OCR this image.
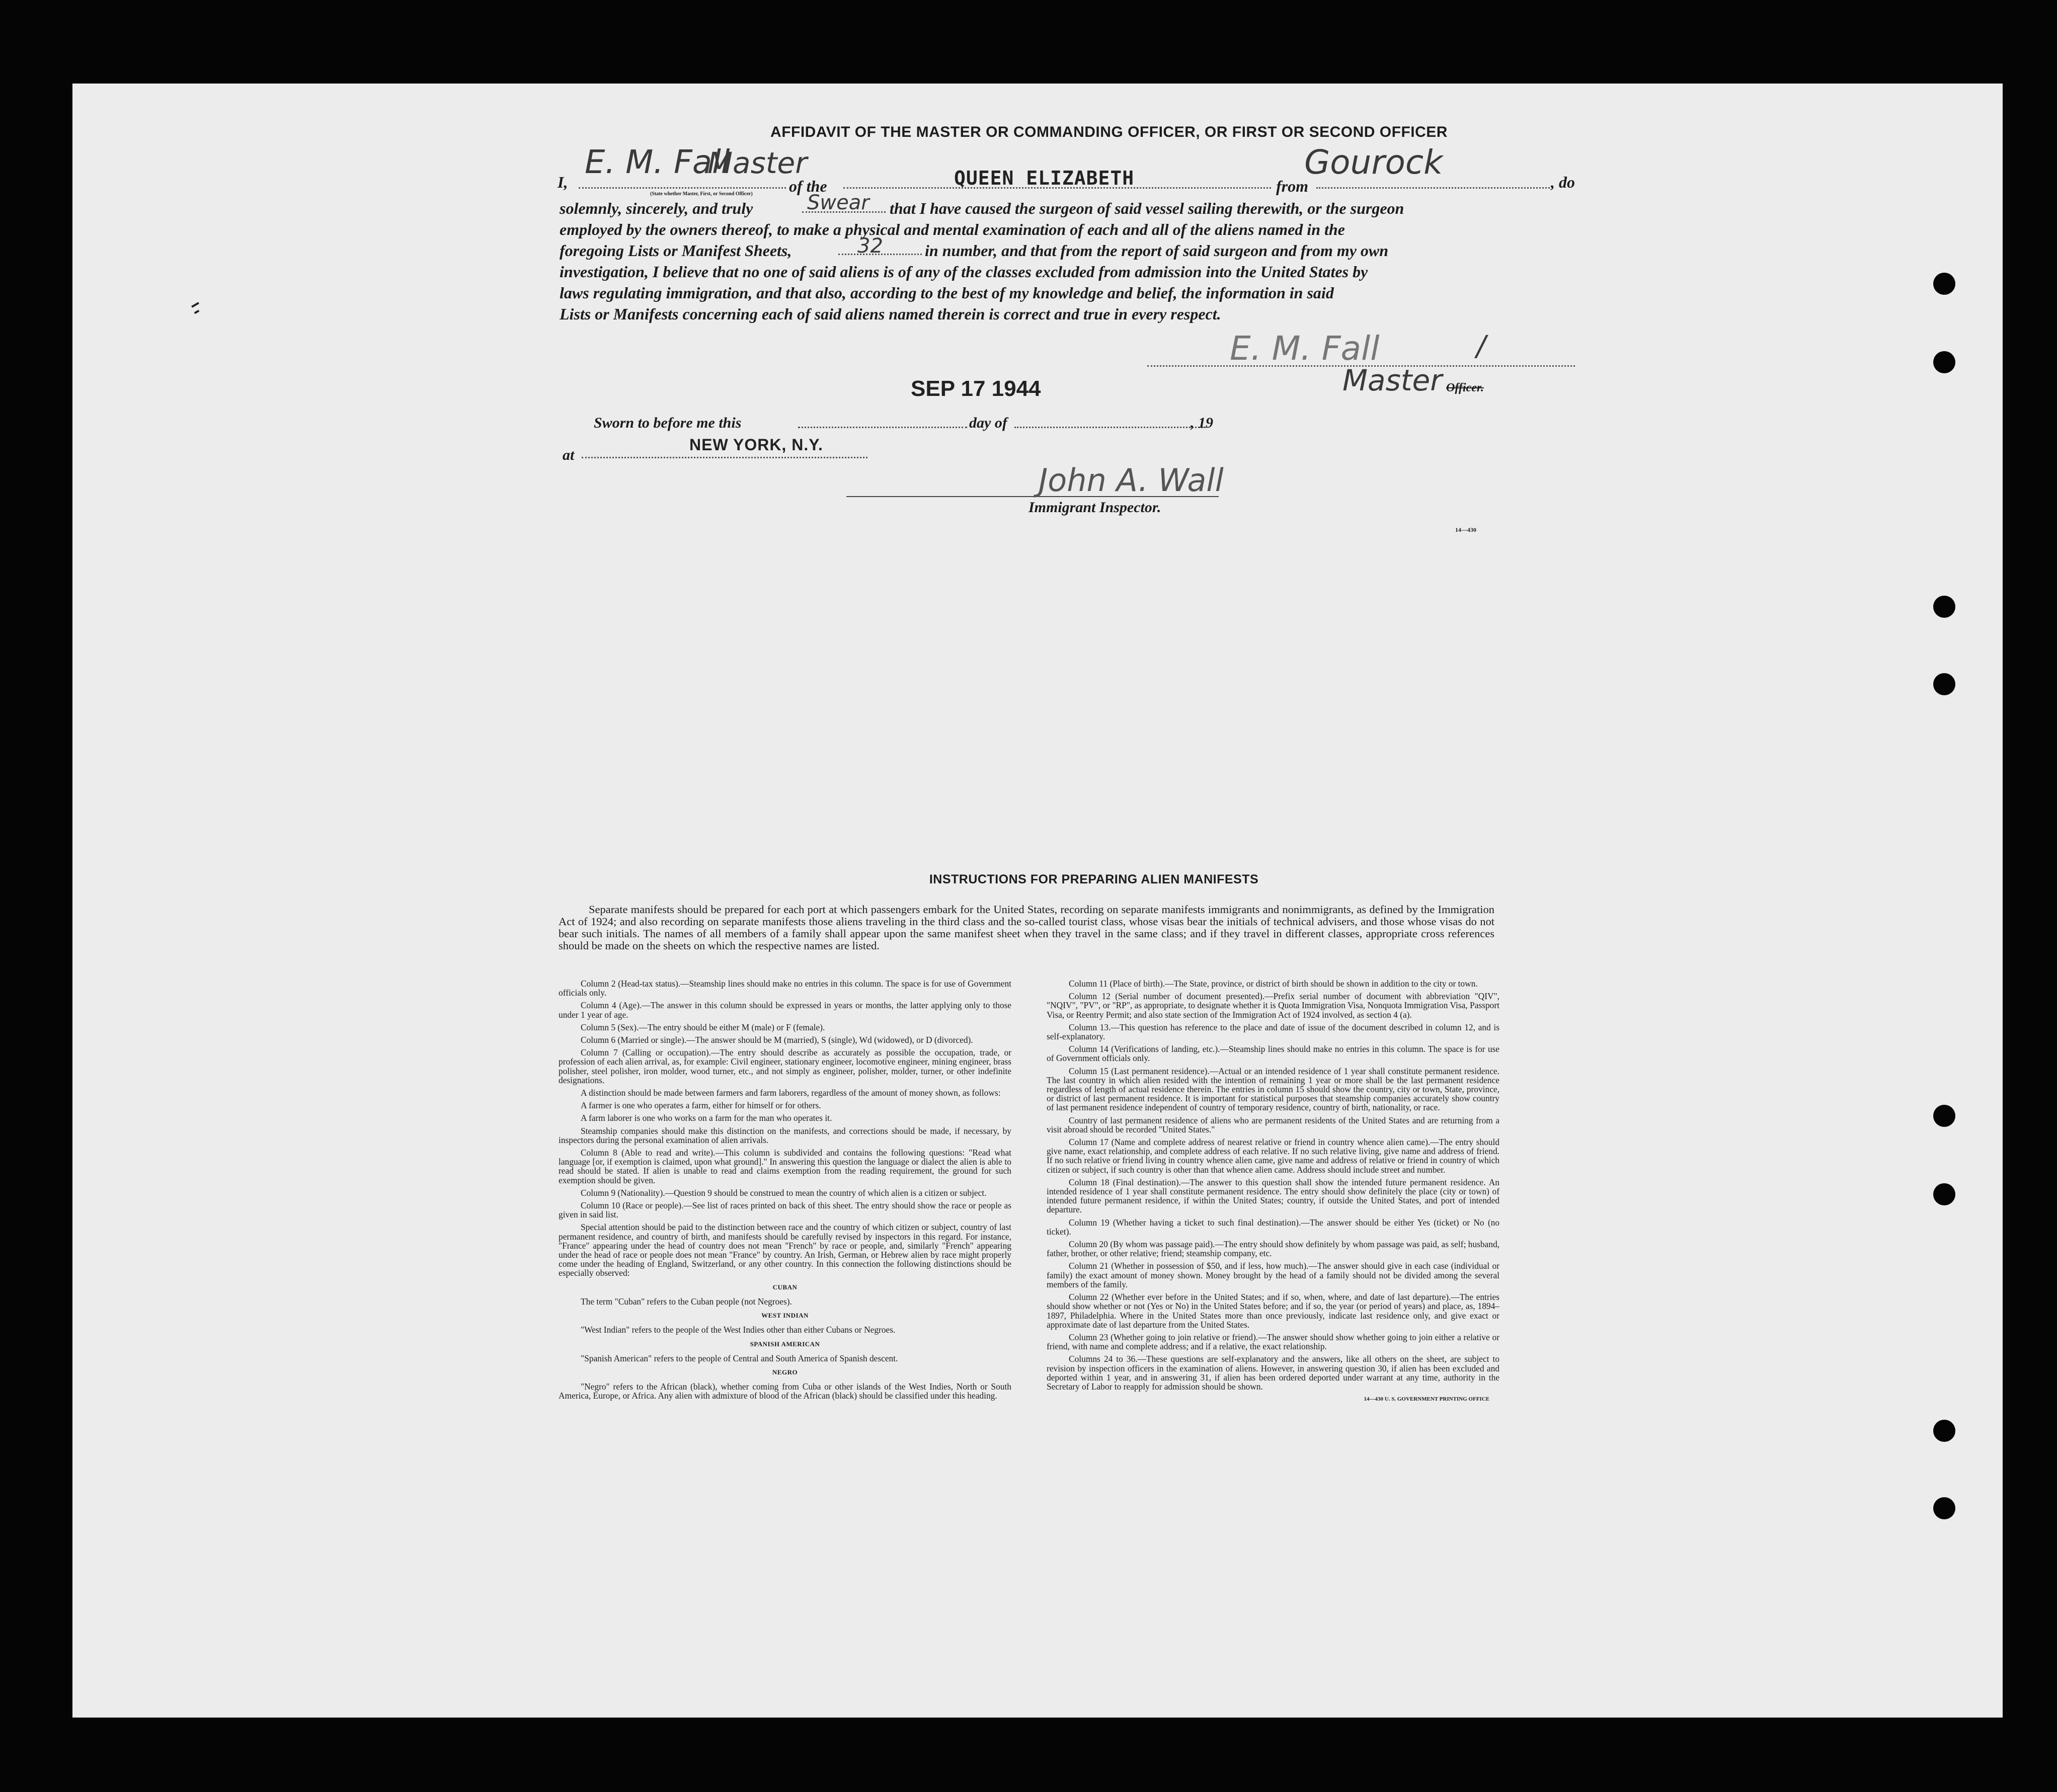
AFFIDAVIT OF THE MASTER OR COMMANDING OFFICER, OR FIRST OR SECOND OFFICER
I,
E. M. Fall
Master
(State whether Master, First, or Second Officer) of the	QUEEN ELIZABETH	from
Gourock
, do
solemnly, sincerely, and truly	Swear that I have caused the surgeon of said vessel sailing therewith, or the surgeon
employed by the owners thereof, to make a physical and mental examination of each and all of the aliens named in the
foregoing Lists or Manifest Sheets,	32	in number, and that from the report of said surgeon and from my own
investigation, I believe that no one of said aliens is of any of the classes excluded from admission into the United States by
laws regulating immigration, and that also, according to the best of my knowledge and belief, the information in said
Lists or Manifests concerning each of said aliens named therein is correct and true in every respect.
E. M. Fall	/
Master Officer.
SEP 17 1944
Sworn to before me this	day of	, 19
at
NEW YORK, N.Y.
John A. Wall
Immigrant Inspector.
14—430
INSTRUCTIONS FOR PREPARING ALIEN MANIFESTS
Separate manifests should be prepared for each port at which passengers embark for the United States, recording on separate manifests immigrants and nonimmigrants, as defined by the Immigration Act of 1924; and also recording on separate manifests those aliens traveling in the third class and the so-called tourist class, whose visas bear the initials of technical advisers, and those whose visas do not bear such initials. The names of all members of a family shall appear upon the same manifest sheet when they travel in the same class; and if they travel in different classes, appropriate cross references should be made on the sheets on which the respective names are listed.

Column 2 (Head-tax status).—Steamship lines should make no entries in this column. The space is for use of Government officials only.

Column 4 (Age).—The answer in this column should be expressed in years or months, the latter applying only to those under 1 year of age.

Column 5 (Sex).—The entry should be either M (male) or F (female).

Column 6 (Married or single).—The answer should be M (married), S (single), Wd (widowed), or D (divorced).

Column 7 (Calling or occupation).—The entry should describe as accurately as possible the occupation, trade, or profession of each alien arrival, as, for example: Civil engineer, stationary engineer, locomotive engineer, mining engineer, brass polisher, steel polisher, iron molder, wood turner, etc., and not simply as engineer, polisher, molder, turner, or other indefinite designations.

A distinction should be made between farmers and farm laborers, regardless of the amount of money shown, as follows:

A farmer is one who operates a farm, either for himself or for others.

A farm laborer is one who works on a farm for the man who operates it.

Steamship companies should make this distinction on the manifests, and corrections should be made, if necessary, by inspectors during the personal examination of alien arrivals.

Column 8 (Able to read and write).—This column is subdivided and contains the following questions: "Read what language [or, if exemption is claimed, upon what ground]." In answering this question the language or dialect the alien is able to read should be stated. If alien is unable to read and claims exemption from the reading requirement, the ground for such exemption should be given.

Column 9 (Nationality).—Question 9 should be construed to mean the country of which alien is a citizen or subject.

Column 10 (Race or people).—See list of races printed on back of this sheet. The entry should show the race or people as given in said list.

Special attention should be paid to the distinction between race and the country of which citizen or subject, country of last permanent residence, and country of birth, and manifests should be carefully revised by inspectors in this regard. For instance, "France" appearing under the head of country does not mean "French" by race or people, and, similarly "French" appearing under the head of race or people does not mean "France" by country. An Irish, German, or Hebrew alien by race might properly come under the heading of England, Switzerland, or any other country. In this connection the following distinctions should be especially observed:

CUBAN

The term "Cuban" refers to the Cuban people (not Negroes).

WEST INDIAN

"West Indian" refers to the people of the West Indies other than either Cubans or Negroes.

SPANISH AMERICAN

"Spanish American" refers to the people of Central and South America of Spanish descent.

NEGRO

"Negro" refers to the African (black), whether coming from Cuba or other islands of the West Indies, North or South America, Europe, or Africa. Any alien with admixture of blood of the African (black) should be classified under this heading.

Column 11 (Place of birth).—The State, province, or district of birth should be shown in addition to the city or town.

Column 12 (Serial number of document presented).—Prefix serial number of document with abbreviation "QIV", "NQIV", "PV", or "RP", as appropriate, to designate whether it is Quota Immigration Visa, Nonquota Immigration Visa, Passport Visa, or Reentry Permit; and also state section of the Immigration Act of 1924 involved, as section 4 (a).

Column 13.—This question has reference to the place and date of issue of the document described in column 12, and is self-explanatory.

Column 14 (Verifications of landing, etc.).—Steamship lines should make no entries in this column. The space is for use of Government officials only.

Column 15 (Last permanent residence).—Actual or an intended residence of 1 year shall constitute permanent residence. The last country in which alien resided with the intention of remaining 1 year or more shall be the last permanent residence regardless of length of actual residence therein. The entries in column 15 should show the country, city or town, State, province, or district of last permanent residence. It is important for statistical purposes that steamship companies accurately show country of last permanent residence independent of country of temporary residence, country of birth, nationality, or race.

Country of last permanent residence of aliens who are permanent residents of the United States and are returning from a visit abroad should be recorded "United States."

Column 17 (Name and complete address of nearest relative or friend in country whence alien came).—The entry should give name, exact relationship, and complete address of each relative. If no such relative living, give name and address of friend. If no such relative or friend living in country whence alien came, give name and address of relative or friend in country of which citizen or subject, if such country is other than that whence alien came. Address should include street and number.

Column 18 (Final destination).—The answer to this question shall show the intended future permanent residence. An intended residence of 1 year shall constitute permanent residence. The entry should show definitely the place (city or town) of intended future permanent residence, if within the United States; country, if outside the United States, and port of intended departure.

Column 19 (Whether having a ticket to such final destination).—The answer should be either Yes (ticket) or No (no ticket).

Column 20 (By whom was passage paid).—The entry should show definitely by whom passage was paid, as self; husband, father, brother, or other relative; friend; steamship company, etc.

Column 21 (Whether in possession of $50, and if less, how much).—The answer should give in each case (individual or family) the exact amount of money shown. Money brought by the head of a family should not be divided among the several members of the family.

Column 22 (Whether ever before in the United States; and if so, when, where, and date of last departure).—The entries should show whether or not (Yes or No) in the United States before; and if so, the year (or period of years) and place, as, 1894–1897, Philadelphia. Where in the United States more than once previously, indicate last residence only, and give exact or approximate date of last departure from the United States.

Column 23 (Whether going to join relative or friend).—The answer should show whether going to join either a relative or friend, with name and complete address; and if a relative, the exact relationship.

Columns 24 to 36.—These questions are self-explanatory and the answers, like all others on the sheet, are subject to revision by inspection officers in the examination of aliens. However, in answering question 30, if alien has been excluded and deported within 1 year, and in answering 31, if alien has been ordered deported under warrant at any time, authority in the Secretary of Labor to reapply for admission should be shown.

14—430 U. S. GOVERNMENT PRINTING OFFICE
